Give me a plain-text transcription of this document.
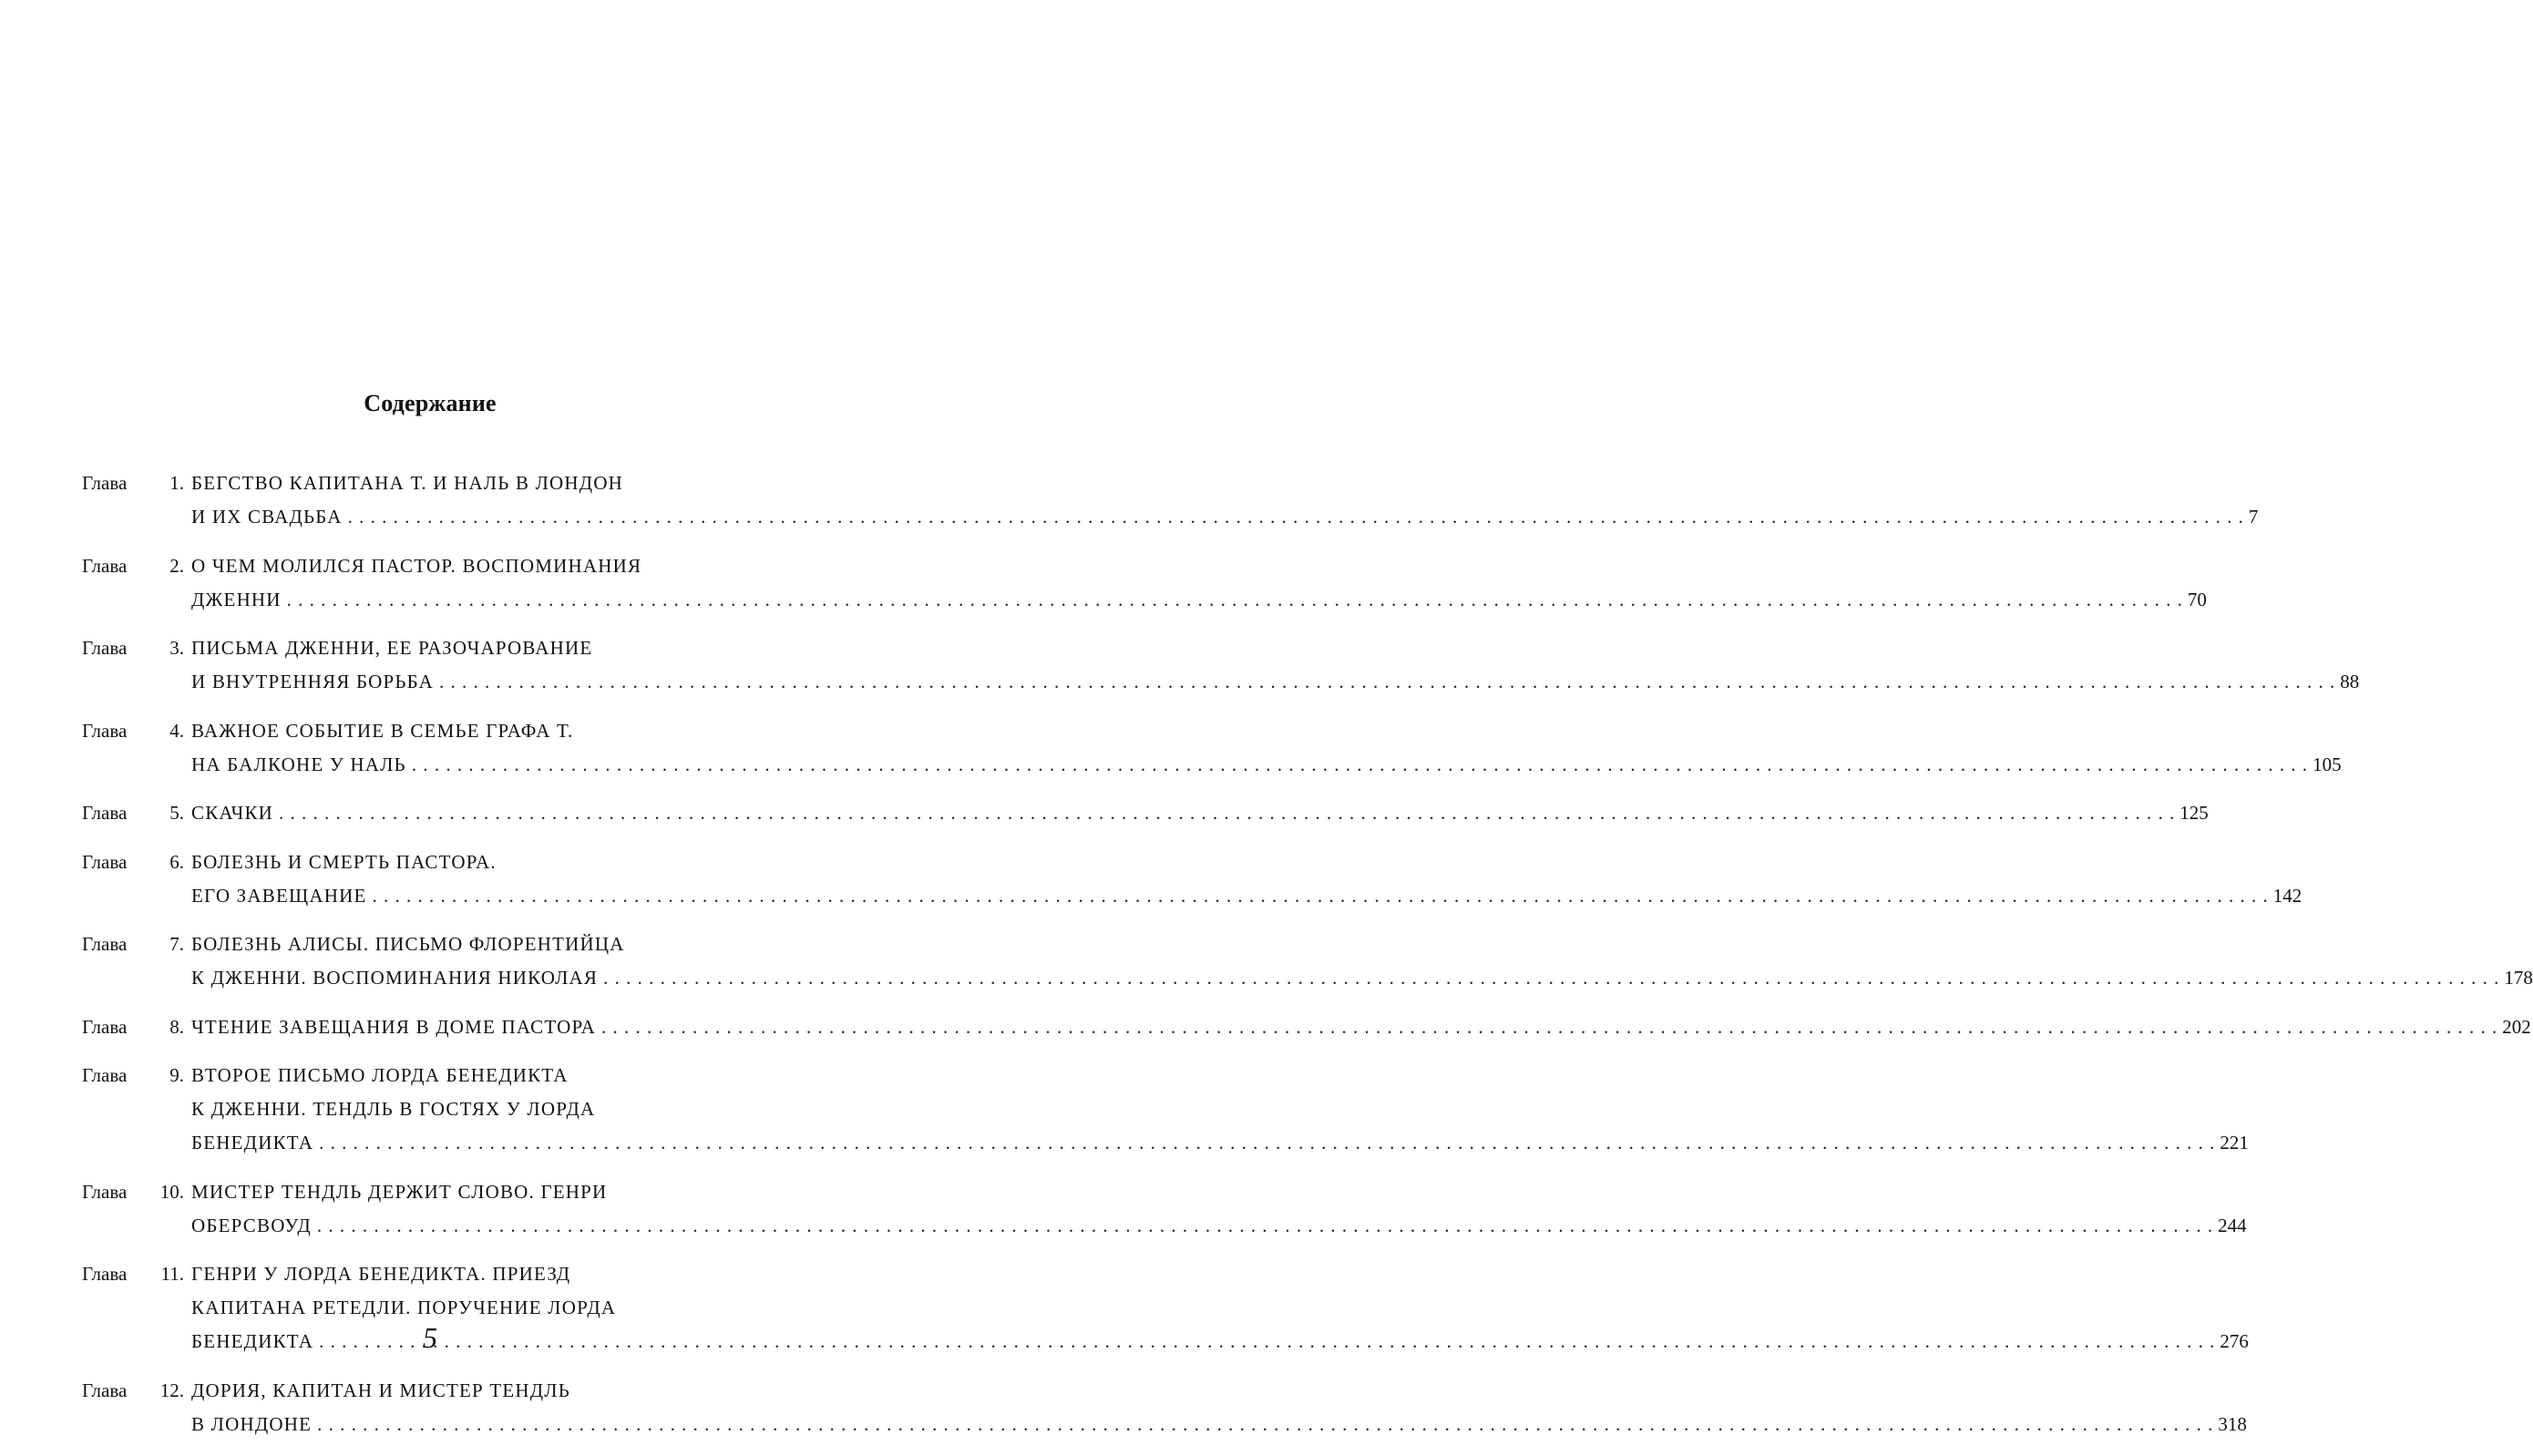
Содержание
Глава	1. БЕГСТВО КАПИТАНА Т. И НАЛЬ В ЛОНДОН
И ИХ СВАДЬБА . . .	7
Глава	2. О ЧЕМ МОЛИЛСЯ ПАСТОР. ВОСПОМИНАНИЯ
ДЖЕННИ . . .	70
Глава	3. ПИСЬМА ДЖЕННИ, ЕЕ РАЗОЧАРОВАНИЕ
И ВНУТРЕННЯЯ БОРЬБА . . .	88
Глава	4. ВАЖНОЕ СОБЫТИЕ В СЕМЬЕ ГРАФА Т.
НА БАЛКОНЕ У НАЛЬ . . .	105
Глава	5. СКАЧКИ . . .	125
Глава	6. БОЛЕЗНЬ И СМЕРТЬ ПАСТОРА.
ЕГО ЗАВЕЩАНИЕ . . .	142
Глава	7. БОЛЕЗНЬ АЛИСЫ. ПИСЬМО ФЛОРЕНТИЙЦА
К ДЖЕННИ. ВОСПОМИНАНИЯ НИКОЛАЯ . . .	178
Глава	8. ЧТЕНИЕ ЗАВЕЩАНИЯ В ДОМЕ ПАСТОРА . . .	202
Глава	9. ВТОРОЕ ПИСЬМО ЛОРДА БЕНЕДИКТА
К ДЖЕННИ. ТЕНДЛЬ В ГОСТЯХ У ЛОРДА
БЕНЕДИКТА . . .	221
Глава	10. МИСТЕР ТЕНДЛЬ ДЕРЖИТ СЛОВО. ГЕНРИ
ОБЕРСВОУД . . .	244
Глава	11. ГЕНРИ У ЛОРДА БЕНЕДИКТА. ПРИЕЗД
КАПИТАНА РЕТЕДЛИ. ПОРУЧЕНИЕ ЛОРДА
БЕНЕДИКТА . . .	276
Глава	12. ДОРИЯ, КАПИТАН И МИСТЕР ТЕНДЛЬ
В ЛОНДОНЕ . . .	318
5
